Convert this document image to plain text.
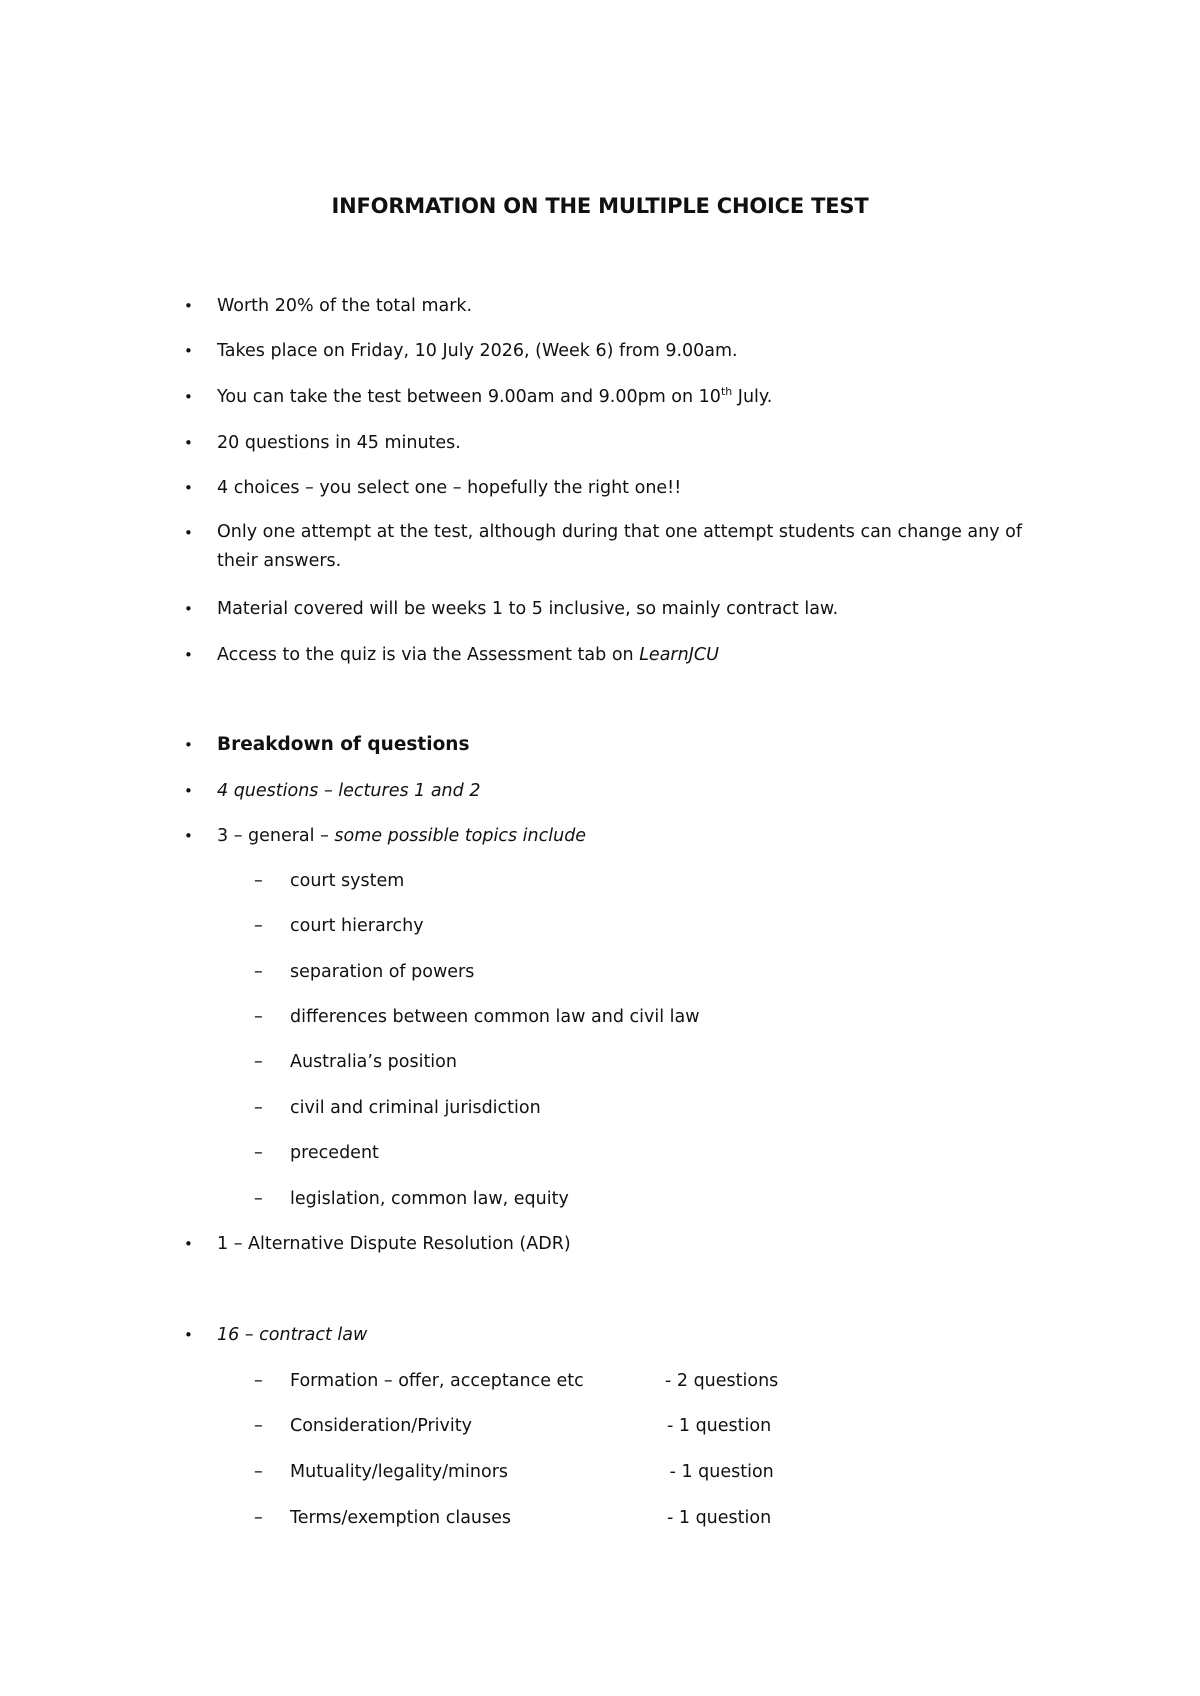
INFORMATION ON THE MULTIPLE CHOICE TEST
• Worth 20% of the total mark.
• Takes place on Friday, 10 July 2026, (Week 6) from 9.00am.
• You can take the test between 9.00am and 9.00pm on 10th July.
• 20 questions in 45 minutes.
• 4 choices – you select one – hopefully the right one!!
• Only one attempt at the test, although during that one attempt students can change any of their answers.
• Material covered will be weeks 1 to 5 inclusive, so mainly contract law.
• Access to the quiz is via the Assessment tab on LearnJCU
• Breakdown of questions
• 4 questions – lectures 1 and 2
• 3 – general – some possible topics include
– court system
– court hierarchy
– separation of powers
– differences between common law and civil law
– Australia’s position
– civil and criminal jurisdiction
– precedent
– legislation, common law, equity
• 1 – Alternative Dispute Resolution (ADR)
• 16 – contract law
– Formation – offer, acceptance etc	- 2 questions
– Consideration/Privity	- 1 question
– Mutuality/legality/minors	- 1 question
– Terms/exemption clauses	- 1 question
